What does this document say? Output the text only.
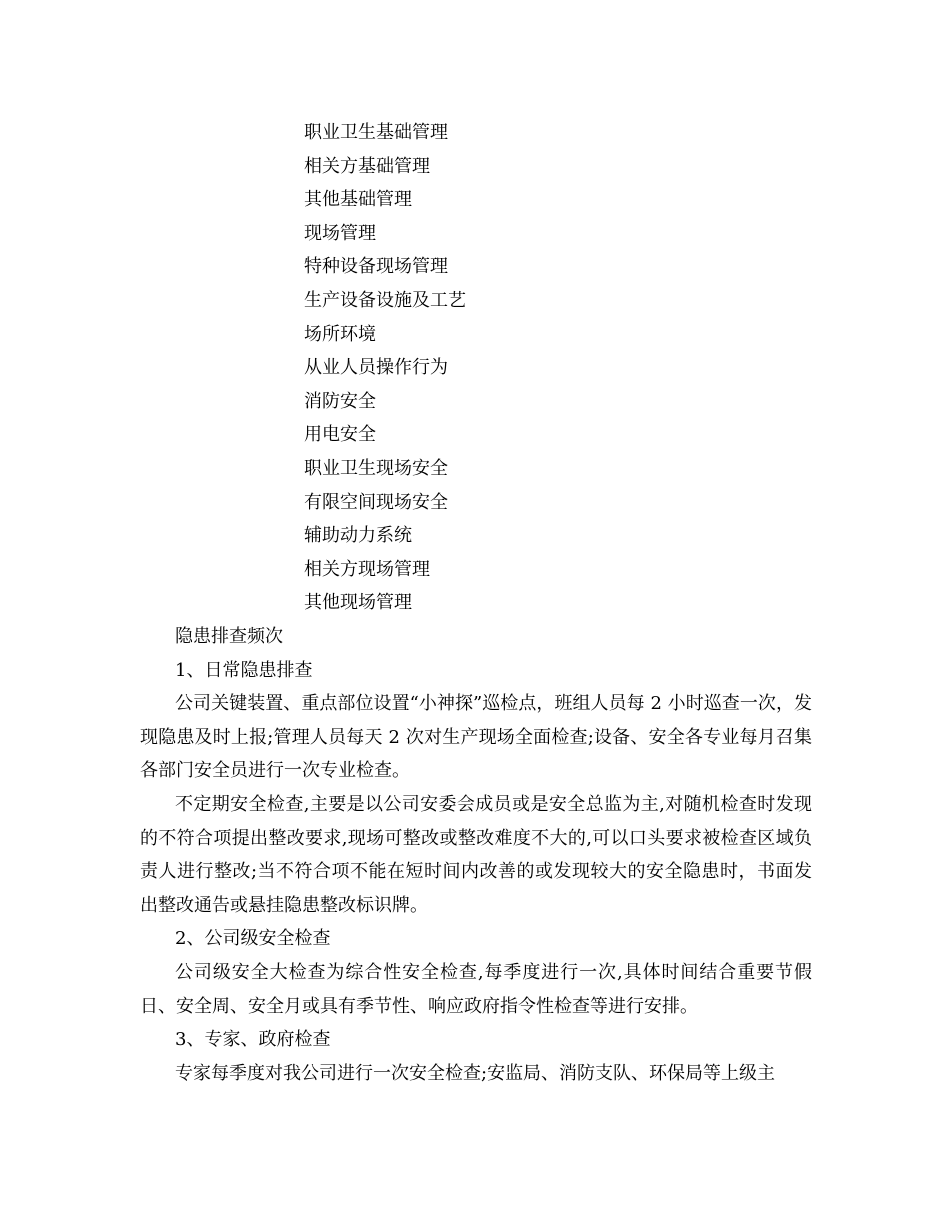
职业卫生基础管理
相关方基础管理
其他基础管理
现场管理
特种设备现场管理
生产设备设施及工艺
场所环境
从业人员操作行为
消防安全
用电安全
职业卫生现场安全
有限空间现场安全
辅助动力系统
相关方现场管理
其他现场管理
隐患排查频次
1、日常隐患排查

公司关键装置、重点部位设置“小神探”巡检点，班组人员每 2 小时巡查一次，发现隐患及时上报;管理人员每天 2 次对生产现场全面检查;设备、安全各专业每月召集各部门安全员进行一次专业检查。

不定期安全检查,主要是以公司安委会成员或是安全总监为主,对随机检查时发现的不符合项提出整改要求,现场可整改或整改难度不大的,可以口头要求被检查区域负责人进行整改;当不符合项不能在短时间内改善的或发现较大的安全隐患时，书面发出整改通告或悬挂隐患整改标识牌。

2、公司级安全检查

公司级安全大检查为综合性安全检查,每季度进行一次,具体时间结合重要节假日、安全周、安全月或具有季节性、响应政府指令性检查等进行安排。

3、专家、政府检查

专家每季度对我公司进行一次安全检查;安监局、消防支队、环保局等上级主
